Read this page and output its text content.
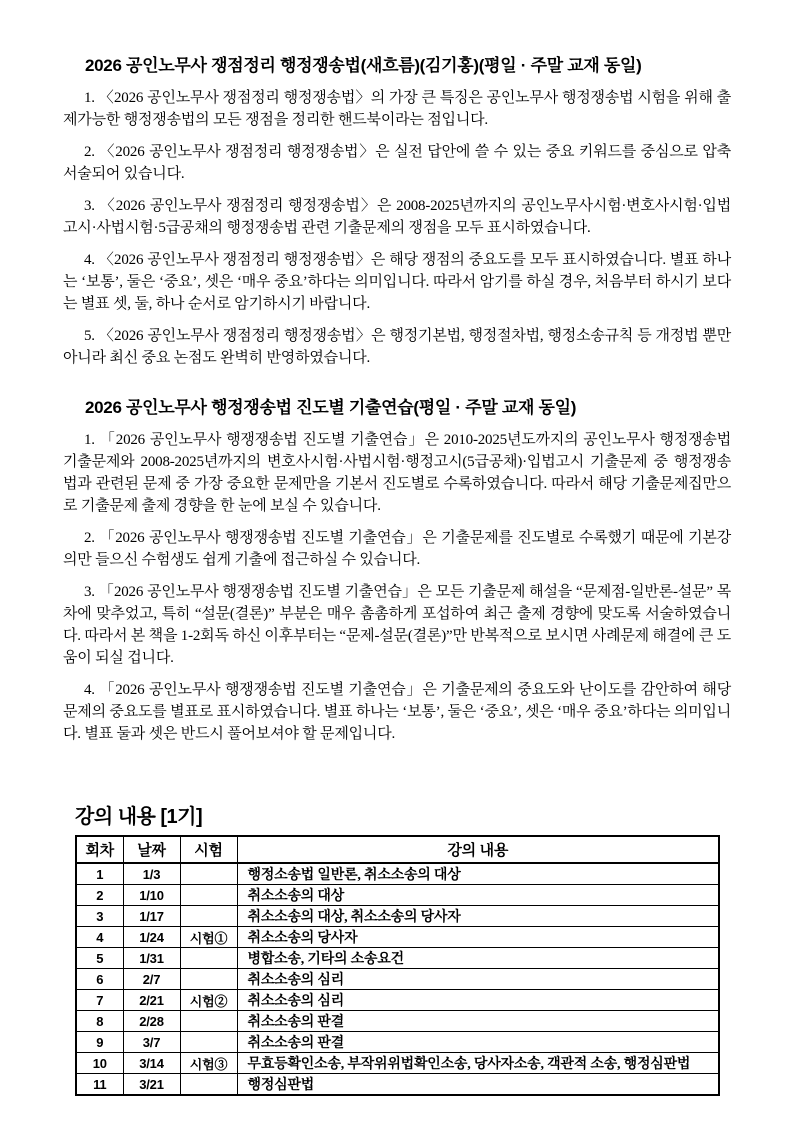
2026 공인노무사 쟁점정리 행정쟁송법(새흐름)(김기홍)(평일 · 주말 교재 동일)

1. 〈2026 공인노무사 쟁점정리 행정쟁송법〉의 가장 큰 특징은 공인노무사 행정쟁송법 시험을 위해 출제가능한 행정쟁송법의 모든 쟁점을 정리한 핸드북이라는 점입니다.

2. 〈2026 공인노무사 쟁점정리 행정쟁송법〉은 실전 답안에 쓸 수 있는 중요 키워드를 중심으로 압축 서술되어 있습니다.

3. 〈2026 공인노무사 쟁점정리 행정쟁송법〉은 2008-2025년까지의 공인노무사시험·변호사시험·입법고시·사법시험·5급공채의 행정쟁송법 관련 기출문제의 쟁점을 모두 표시하였습니다.

4. 〈2026 공인노무사 쟁점정리 행정쟁송법〉은 해당 쟁점의 중요도를 모두 표시하였습니다. 별표 하나는 ‘보통’, 둘은 ‘중요’, 셋은 ‘매우 중요’하다는 의미입니다. 따라서 암기를 하실 경우, 처음부터 하시기 보다는 별표 셋, 둘, 하나 순서로 암기하시기 바랍니다.

5. 〈2026 공인노무사 쟁점정리 행정쟁송법〉은 행정기본법, 행정절차법, 행정소송규칙 등 개정법 뿐만 아니라 최신 중요 논점도 완벽히 반영하였습니다.

2026 공인노무사 행정쟁송법 진도별 기출연습(평일 · 주말 교재 동일)

1. 「2026 공인노무사 행쟁쟁송법 진도별 기출연습」은 2010-2025년도까지의 공인노무사 행정쟁송법 기출문제와 2008-2025년까지의 변호사시험·사법시험·행정고시(5급공채)·입법고시 기출문제 중 행정쟁송법과 관련된 문제 중 가장 중요한 문제만을 기본서 진도별로 수록하였습니다. 따라서 해당 기출문제집만으로 기출문제 출제 경향을 한 눈에 보실 수 있습니다.

2. 「2026 공인노무사 행쟁쟁송법 진도별 기출연습」은 기출문제를 진도별로 수록했기 때문에 기본강의만 들으신 수험생도 쉽게 기출에 접근하실 수 있습니다.

3. 「2026 공인노무사 행쟁쟁송법 진도별 기출연습」은 모든 기출문제 해설을 “문제점-일반론-설문” 목차에 맞추었고, 특히 “설문(결론)” 부분은 매우 촘촘하게 포섭하여 최근 출제 경향에 맞도록 서술하였습니다. 따라서 본 책을 1-2회독 하신 이후부터는 “문제-설문(결론)”만 반복적으로 보시면 사례문제 해결에 큰 도움이 되실 겁니다.

4. 「2026 공인노무사 행쟁쟁송법 진도별 기출연습」은 기출문제의 중요도와 난이도를 감안하여 해당 문제의 중요도를 별표로 표시하였습니다. 별표 하나는 ‘보통’, 둘은 ‘중요’, 셋은 ‘매우 중요’하다는 의미입니다. 별표 둘과 셋은 반드시 풀어보셔야 할 문제입니다.

강의 내용 [1기]
회차	날짜	시험	강의 내용
1	1/3		행정소송법 일반론, 취소소송의 대상
2	1/10		취소소송의 대상
3	1/17		취소소송의 대상, 취소소송의 당사자
4	1/24	시험①	취소소송의 당사자
5	1/31		병합소송, 기타의 소송요건
6	2/7		취소소송의 심리
7	2/21	시험②	취소소송의 심리
8	2/28		취소소송의 판결
9	3/7		취소소송의 판결
10	3/14	시험③	무효등확인소송, 부작위위법확인소송, 당사자소송, 객관적 소송, 행정심판법
11	3/21		행정심판법
